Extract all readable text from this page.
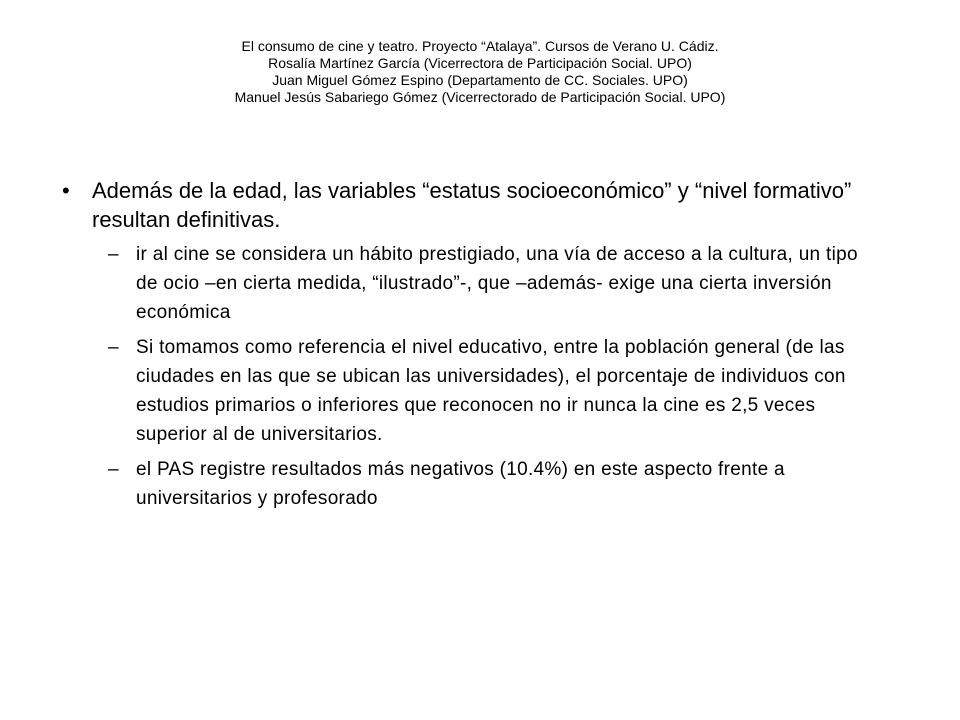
El consumo de cine y teatro. Proyecto “Atalaya”. Cursos de Verano U. Cádiz.
Rosalía Martínez García (Vicerrectora de Participación Social. UPO)
Juan Miguel Gómez Espino (Departamento de CC. Sociales. UPO)
Manuel Jesús Sabariego Gómez (Vicerrectorado de Participación Social. UPO)
• Además de la edad, las variables “estatus socioeconómico” y “nivel formativo” resultan definitivas.
– ir al cine se considera un hábito prestigiado, una vía de acceso a la cultura, un tipo de ocio –en cierta medida, “ilustrado”-, que –además- exige una cierta inversión económica
– Si tomamos como referencia el nivel educativo, entre la población general (de las ciudades en las que se ubican las universidades), el porcentaje de individuos con estudios primarios o inferiores que reconocen no ir nunca la cine es 2,5 veces superior al de universitarios.
– el PAS registre resultados más negativos (10.4%) en este aspecto frente a universitarios y profesorado
